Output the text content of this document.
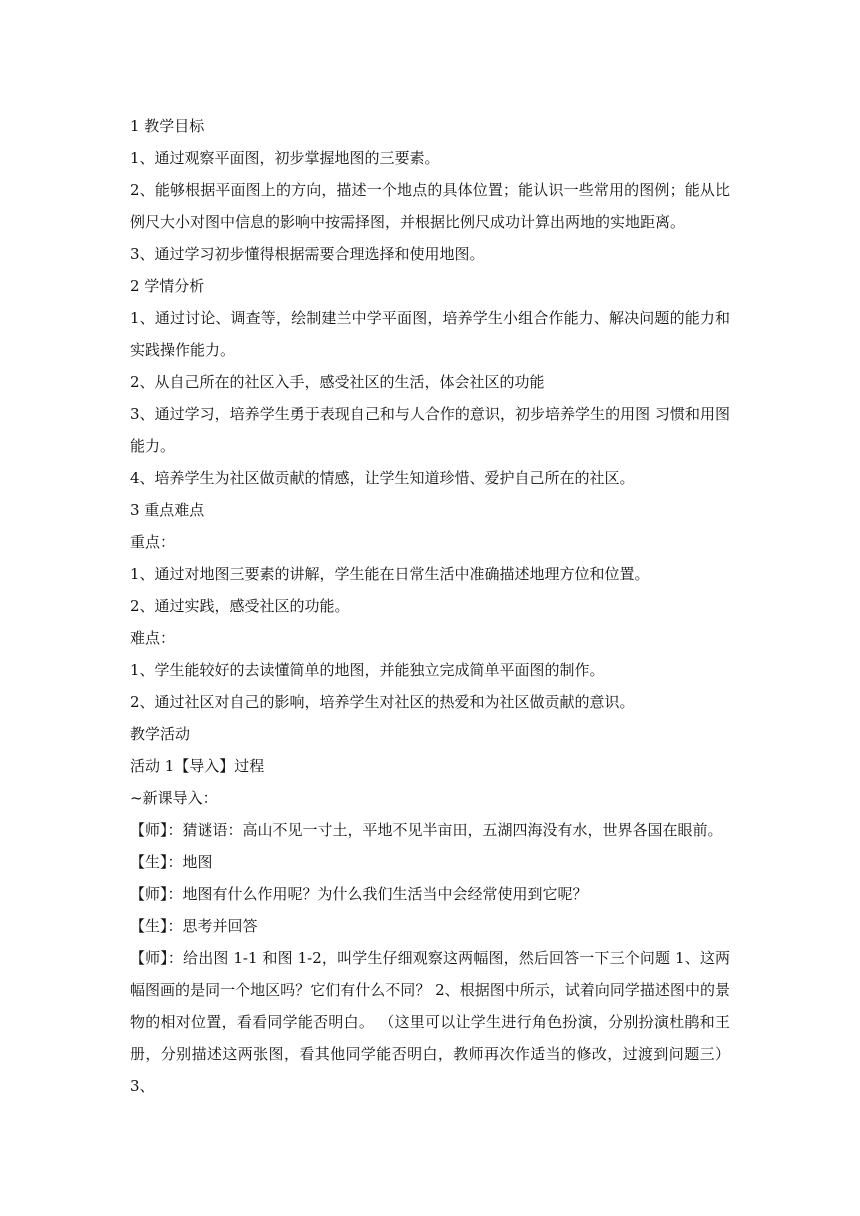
1 教学目标

1、通过观察平面图，初步掌握地图的三要素。

2、能够根据平面图上的方向，描述一个地点的具体位置；能认识一些常用的图例；能从比例尺大小对图中信息的影响中按需择图，并根据比例尺成功计算出两地的实地距离。

3、通过学习初步懂得根据需要合理选择和使用地图。

2 学情分析

1、通过讨论、调查等，绘制建兰中学平面图，培养学生小组合作能力、解决问题的能力和实践操作能力。

2、从自己所在的社区入手，感受社区的生活，体会社区的功能

3、通过学习，培养学生勇于表现自己和与人合作的意识，初步培养学生的用图 习惯和用图能力。

4、培养学生为社区做贡献的情感，让学生知道珍惜、爱护自己所在的社区。

3 重点难点

重点：

1、通过对地图三要素的讲解，学生能在日常生活中准确描述地理方位和位置。

2、通过实践，感受社区的功能。

难点：

1、学生能较好的去读懂简单的地图，并能独立完成简单平面图的制作。

2、通过社区对自己的影响，培养学生对社区的热爱和为社区做贡献的意识。

教学活动

活动 1【导入】过程

~新课导入：

【师】：猜谜语：高山不见一寸土，平地不见半亩田，五湖四海没有水，世界各国在眼前。

【生】：地图

【师】：地图有什么作用呢？为什么我们生活当中会经常使用到它呢？

【生】：思考并回答

【师】：给出图 1-1 和图 1-2，叫学生仔细观察这两幅图，然后回答一下三个问题 1、这两幅图画的是同一个地区吗？它们有什么不同？ 2、根据图中所示，试着向同学描述图中的景物的相对位置，看看同学能否明白。 （这里可以让学生进行角色扮演，分别扮演杜鹃和王册，分别描述这两张图，看其他同学能否明白，教师再次作适当的修改，过渡到问题三） 3、
